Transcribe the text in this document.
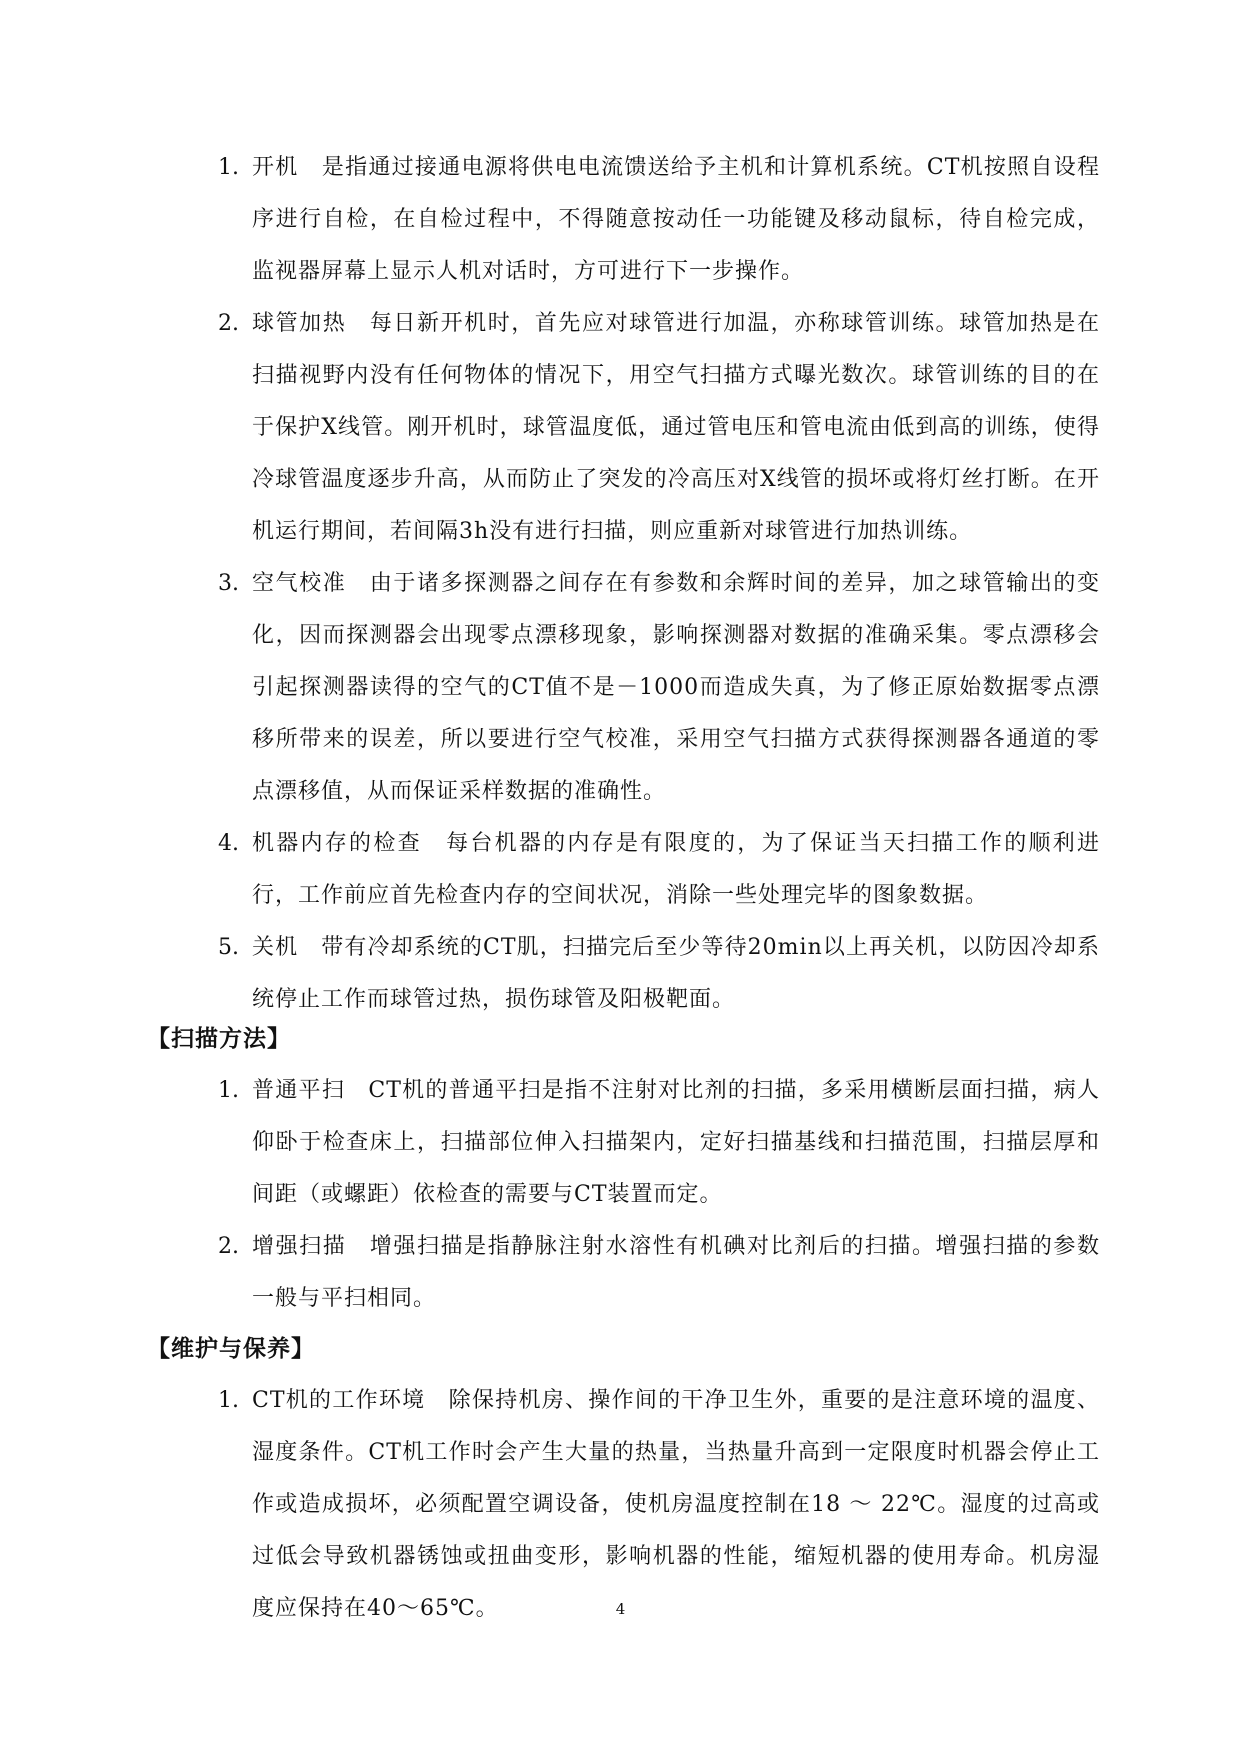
1. 开机　是指通过接通电源将供电电流馈送给予主机和计算机系统。CT机按照自设程序进行自检，在自检过程中，不得随意按动任一功能键及移动鼠标，待自检完成，监视器屏幕上显示人机对话时，方可进行下一步操作。
2. 球管加热　每日新开机时，首先应对球管进行加温，亦称球管训练。球管加热是在扫描视野内没有任何物体的情况下，用空气扫描方式曝光数次。球管训练的目的在于保护X线管。刚开机时，球管温度低，通过管电压和管电流由低到高的训练，使得冷球管温度逐步升高，从而防止了突发的冷高压对X线管的损坏或将灯丝打断。在开机运行期间，若间隔3h没有进行扫描，则应重新对球管进行加热训练。
3. 空气校准　由于诸多探测器之间存在有参数和余辉时间的差异，加之球管输出的变化，因而探测器会出现零点漂移现象，影响探测器对数据的准确采集。零点漂移会引起探测器读得的空气的CT值不是－1000而造成失真，为了修正原始数据零点漂移所带来的误差，所以要进行空气校准，采用空气扫描方式获得探测器各通道的零点漂移值，从而保证采样数据的准确性。
4. 机器内存的检查　每台机器的内存是有限度的，为了保证当天扫描工作的顺利进行，工作前应首先检查内存的空间状况，消除一些处理完毕的图象数据。
5. 关机　带有冷却系统的CT肌，扫描完后至少等待20min以上再关机，以防因冷却系统停止工作而球管过热，损伤球管及阳极靶面。
【扫描方法】
1. 普通平扫　CT机的普通平扫是指不注射对比剂的扫描，多采用横断层面扫描，病人仰卧于检查床上，扫描部位伸入扫描架内，定好扫描基线和扫描范围，扫描层厚和间距（或螺距）依检查的需要与CT装置而定。
2. 增强扫描　增强扫描是指静脉注射水溶性有机碘对比剂后的扫描。增强扫描的参数一般与平扫相同。
【维护与保养】
1. CT机的工作环境　除保持机房、操作间的干净卫生外，重要的是注意环境的温度、湿度条件。CT机工作时会产生大量的热量，当热量升高到一定限度时机器会停止工作或造成损坏，必须配置空调设备，使机房温度控制在18 ～ 22℃。湿度的过高或过低会导致机器锈蚀或扭曲变形，影响机器的性能，缩短机器的使用寿命。机房湿度应保持在40～65℃。	4
